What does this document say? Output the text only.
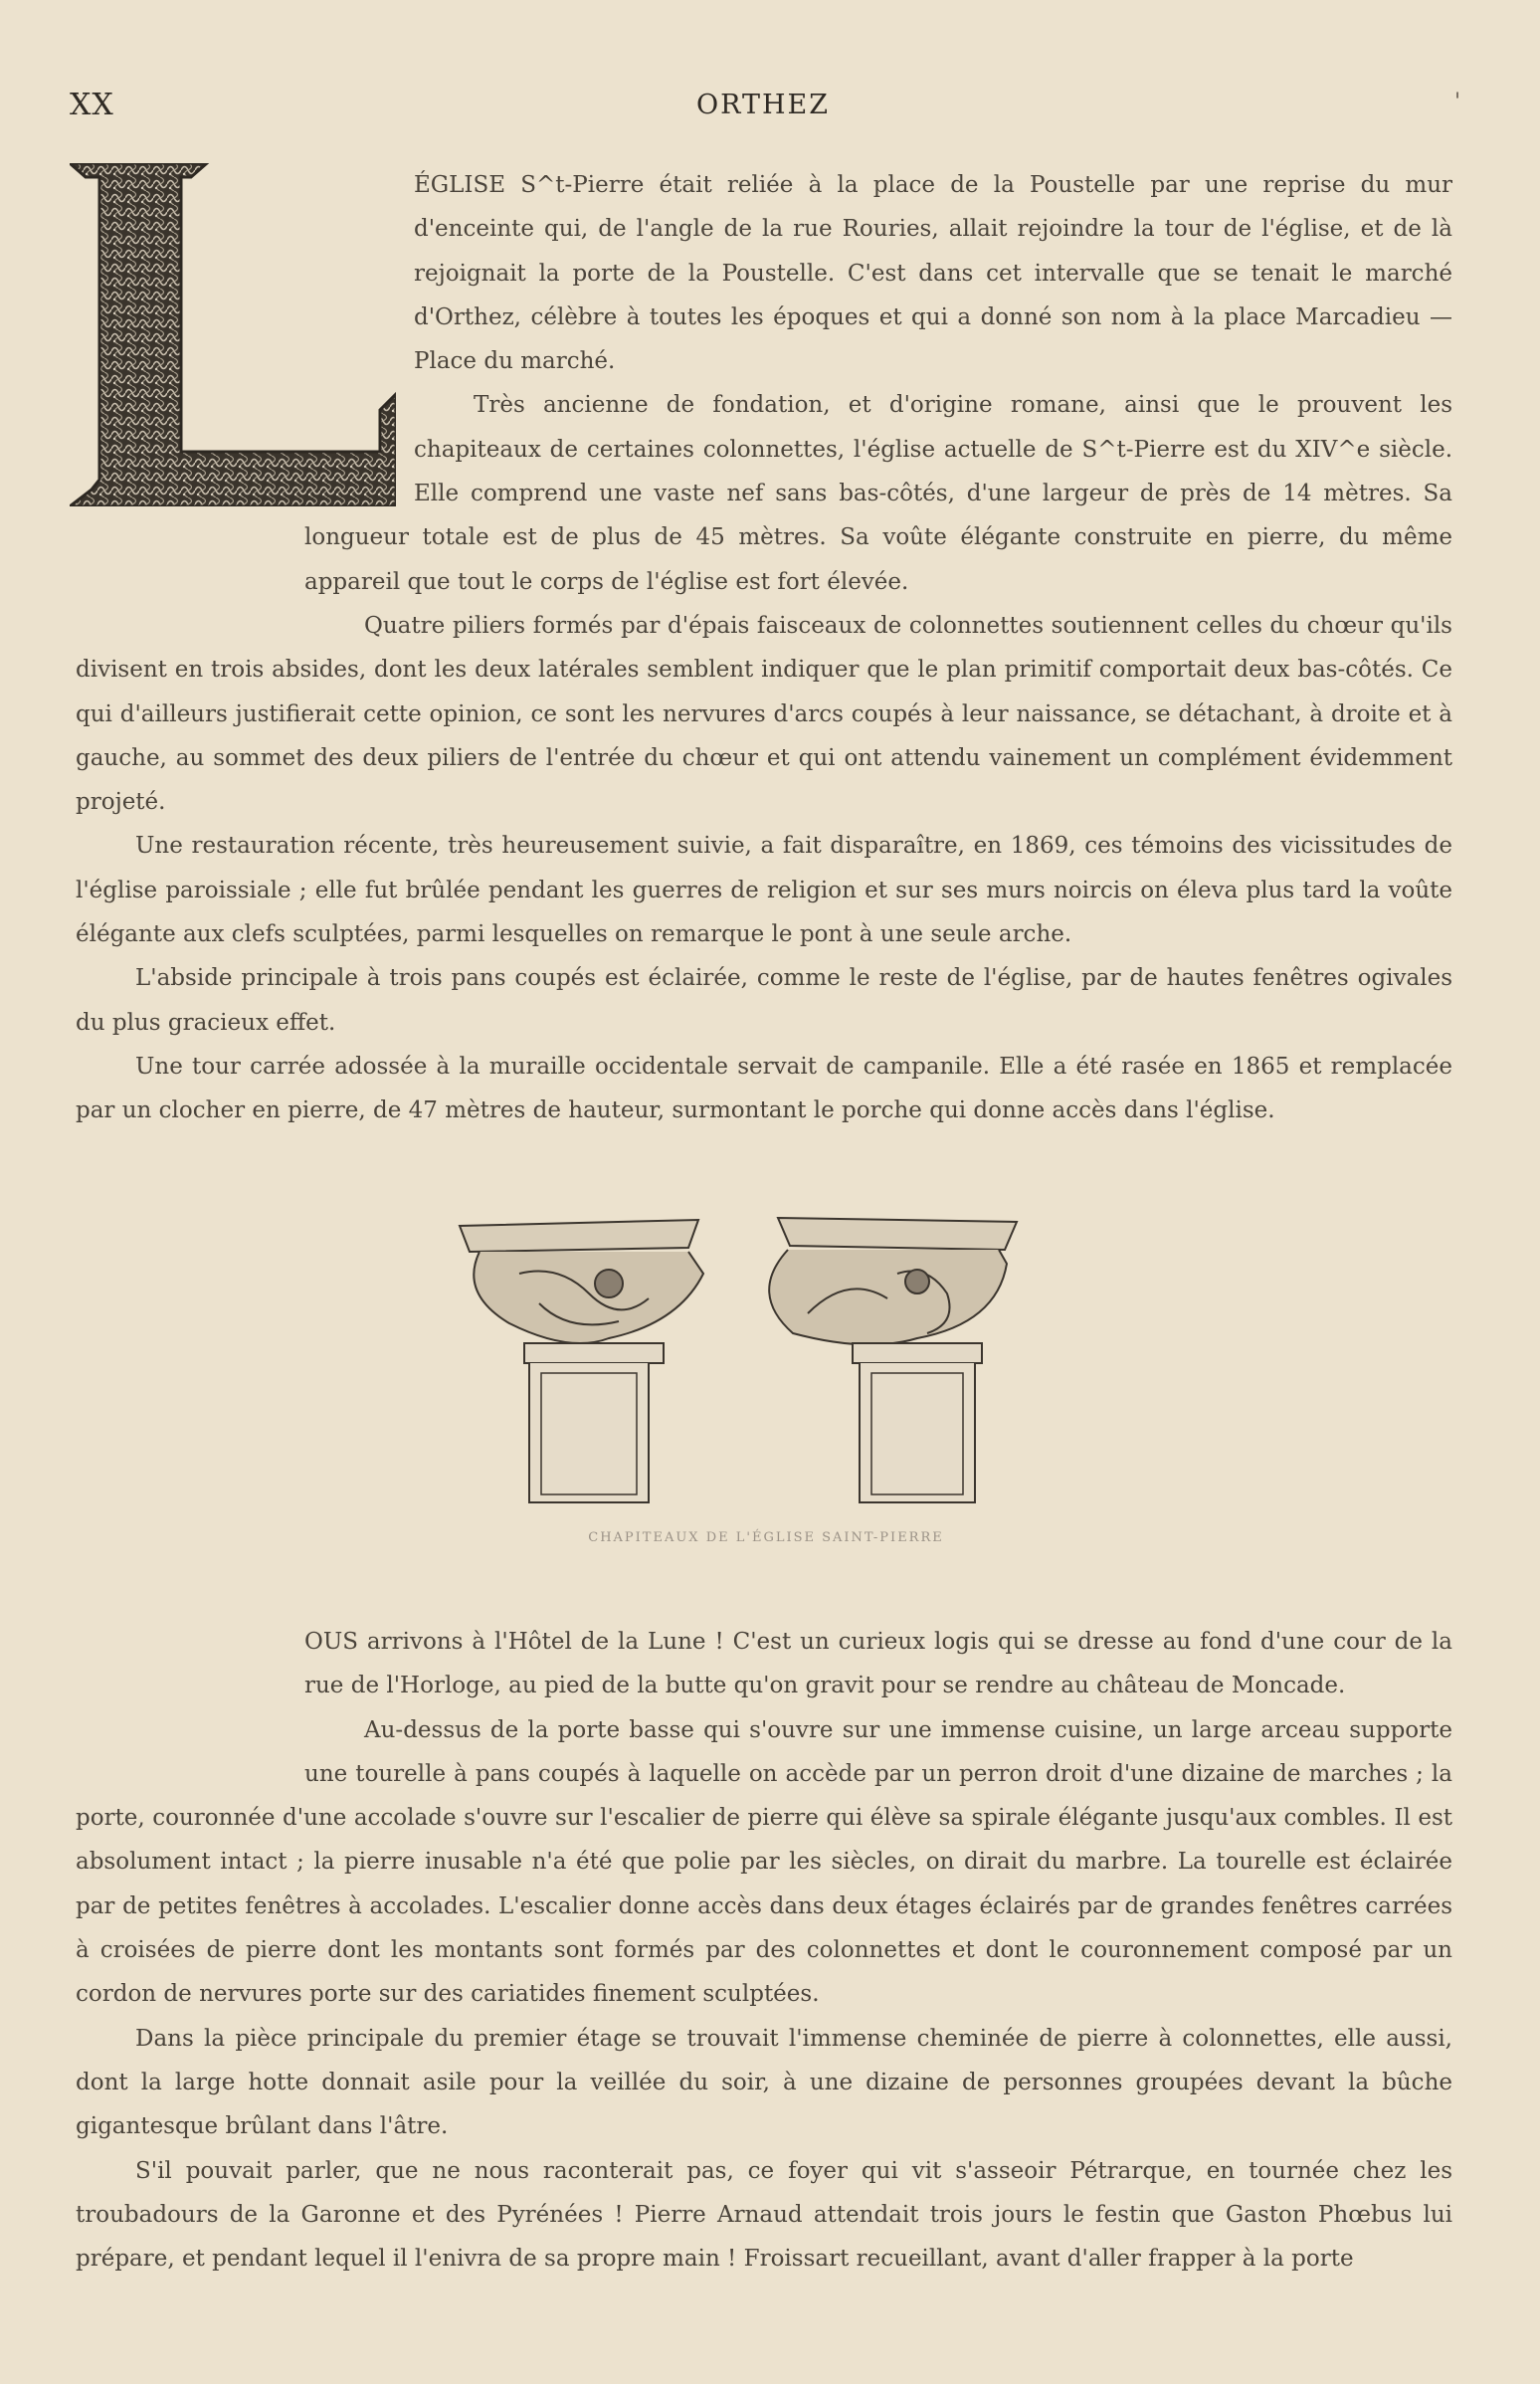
XX	ORTHEZ	'

ÉGLISE S^t-Pierre était reliée à la place de la Poustelle par une reprise du mur d'enceinte qui, de l'angle de la rue Rouries, allait rejoindre la tour de l'église, et de là rejoignait la porte de la Poustelle. C'est dans cet intervalle que se tenait le marché d'Orthez, célèbre à toutes les époques et qui a donné son nom à la place Marcadieu — Place du marché.

Très ancienne de fondation, et d'origine romane, ainsi que le prouvent les chapiteaux de certaines colonnettes, l'église actuelle de S^t-Pierre est du XIV^e siècle. Elle comprend une vaste nef sans bas-côtés, d'une largeur de près de 14 mètres. Sa longueur totale est de plus de 45 mètres. Sa voûte élégante construite en pierre, du même appareil que tout le corps de l'église est fort élevée.

Quatre piliers formés par d'épais faisceaux de colonnettes soutiennent celles du chœur qu'ils divisent en trois absides, dont les deux latérales semblent indiquer que le plan primitif comportait deux bas-côtés. Ce qui d'ailleurs justifierait cette opinion, ce sont les nervures d'arcs coupés à leur naissance, se détachant, à droite et à gauche, au sommet des deux piliers de l'entrée du chœur et qui ont attendu vainement un complément évidemment projeté.

Une restauration récente, très heureusement suivie, a fait disparaître, en 1869, ces témoins des vicissitudes de l'église paroissiale ; elle fut brûlée pendant les guerres de religion et sur ses murs noircis on éleva plus tard la voûte élégante aux clefs sculptées, parmi lesquelles on remarque le pont à une seule arche.

L'abside principale à trois pans coupés est éclairée, comme le reste de l'église, par de hautes fenêtres ogivales du plus gracieux effet.

Une tour carrée adossée à la muraille occidentale servait de campanile. Elle a été rasée en 1865 et remplacée par un clocher en pierre, de 47 mètres de hauteur, surmontant le porche qui donne accès dans l'église.

CHAPITEAUX DE L'ÉGLISE SAINT-PIERRE

OUS arrivons à l'Hôtel de la Lune ! C'est un curieux logis qui se dresse au fond d'une cour de la rue de l'Horloge, au pied de la butte qu'on gravit pour se rendre au château de Moncade.

Au-dessus de la porte basse qui s'ouvre sur une immense cuisine, un large arceau supporte une tourelle à pans coupés à laquelle on accède par un perron droit d'une dizaine de marches ; la porte, couronnée d'une accolade s'ouvre sur l'escalier de pierre qui élève sa spirale élégante jusqu'aux combles. Il est absolument intact ; la pierre inusable n'a été que polie par les siècles, on dirait du marbre. La tourelle est éclairée par de petites fenêtres à accolades. L'escalier donne accès dans deux étages éclairés par de grandes fenêtres carrées à croisées de pierre dont les montants sont formés par des colonnettes et dont le couronnement composé par un cordon de nervures porte sur des cariatides finement sculptées.

Dans la pièce principale du premier étage se trouvait l'immense cheminée de pierre à colonnettes, elle aussi, dont la large hotte donnait asile pour la veillée du soir, à une dizaine de personnes groupées devant la bûche gigantesque brûlant dans l'âtre.

S'il pouvait parler, que ne nous raconterait pas, ce foyer qui vit s'asseoir Pétrarque, en tournée chez les troubadours de la Garonne et des Pyrénées ! Pierre Arnaud attendait trois jours le festin que Gaston Phœbus lui prépare, et pendant lequel il l'enivra de sa propre main ! Froissart recueillant, avant d'aller frapper à la porte
